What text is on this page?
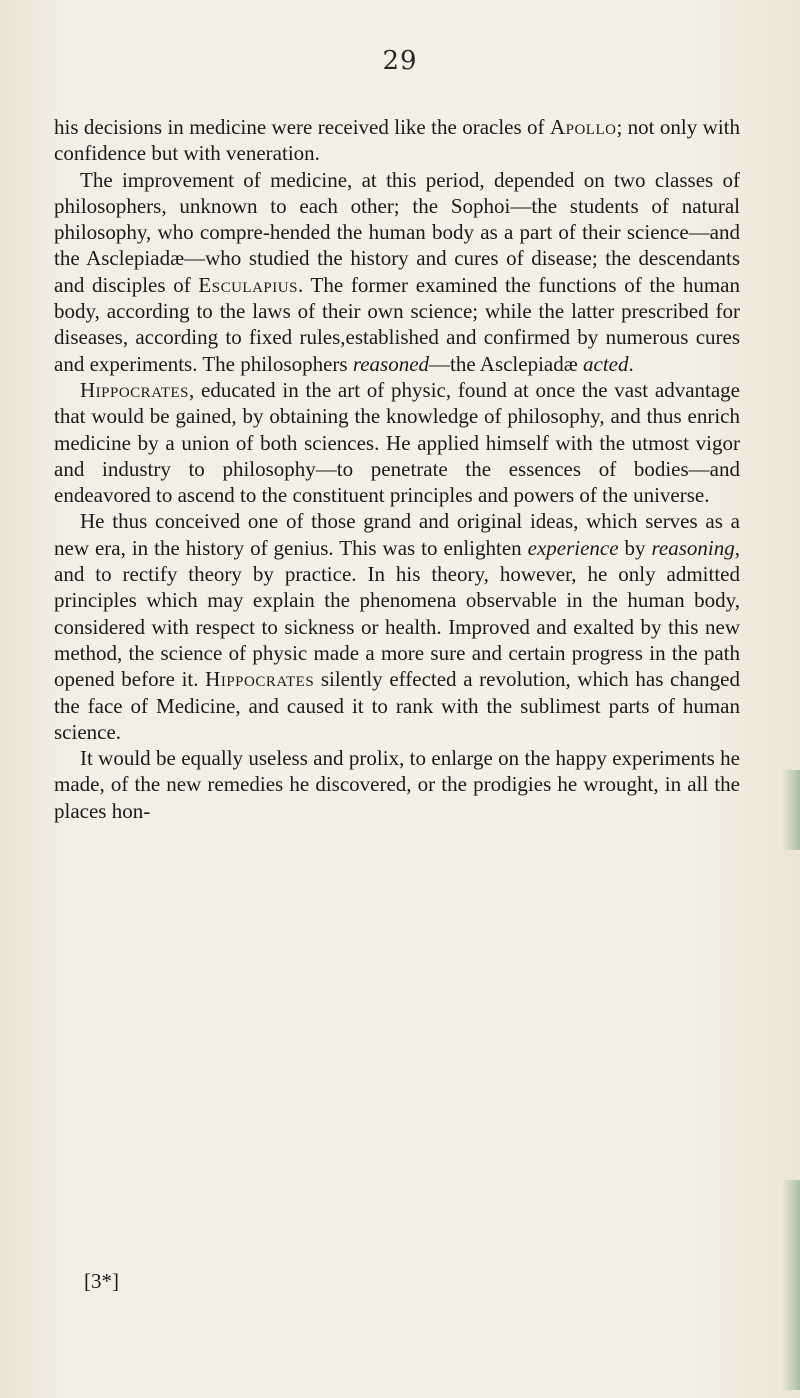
29

his decisions in medicine were received like the oracles of Apollo; not only with confidence but with veneration.

The improvement of medicine, at this period, depended on two classes of philosophers, unknown to each other; the Sophoi—the students of natural philosophy, who compre-hended the human body as a part of their science—and the Asclepiadæ—who studied the history and cures of disease; the descendants and disciples of Esculapius. The former examined the functions of the human body, according to the laws of their own science; while the latter prescribed for diseases, according to fixed rules,established and confirmed by numerous cures and experiments. The philosophers reasoned—the Asclepiadæ acted.

Hippocrates, educated in the art of physic, found at once the vast advantage that would be gained, by obtaining the knowledge of philosophy, and thus enrich medicine by a union of both sciences. He applied himself with the utmost vigor and industry to philosophy—to penetrate the essences of bodies—and endeavored to ascend to the constituent principles and powers of the universe.

He thus conceived one of those grand and original ideas, which serves as a new era, in the history of genius. This was to enlighten experience by reasoning, and to rectify theory by practice. In his theory, however, he only admitted principles which may explain the phenomena observable in the human body, considered with respect to sickness or health. Improved and exalted by this new method, the science of physic made a more sure and certain progress in the path opened before it. Hippocrates silently effected a revolution, which has changed the face of Medicine, and caused it to rank with the sublimest parts of human science.

It would be equally useless and prolix, to enlarge on the happy experiments he made, of the new remedies he discovered, or the prodigies he wrought, in all the places hon-

[3*]
